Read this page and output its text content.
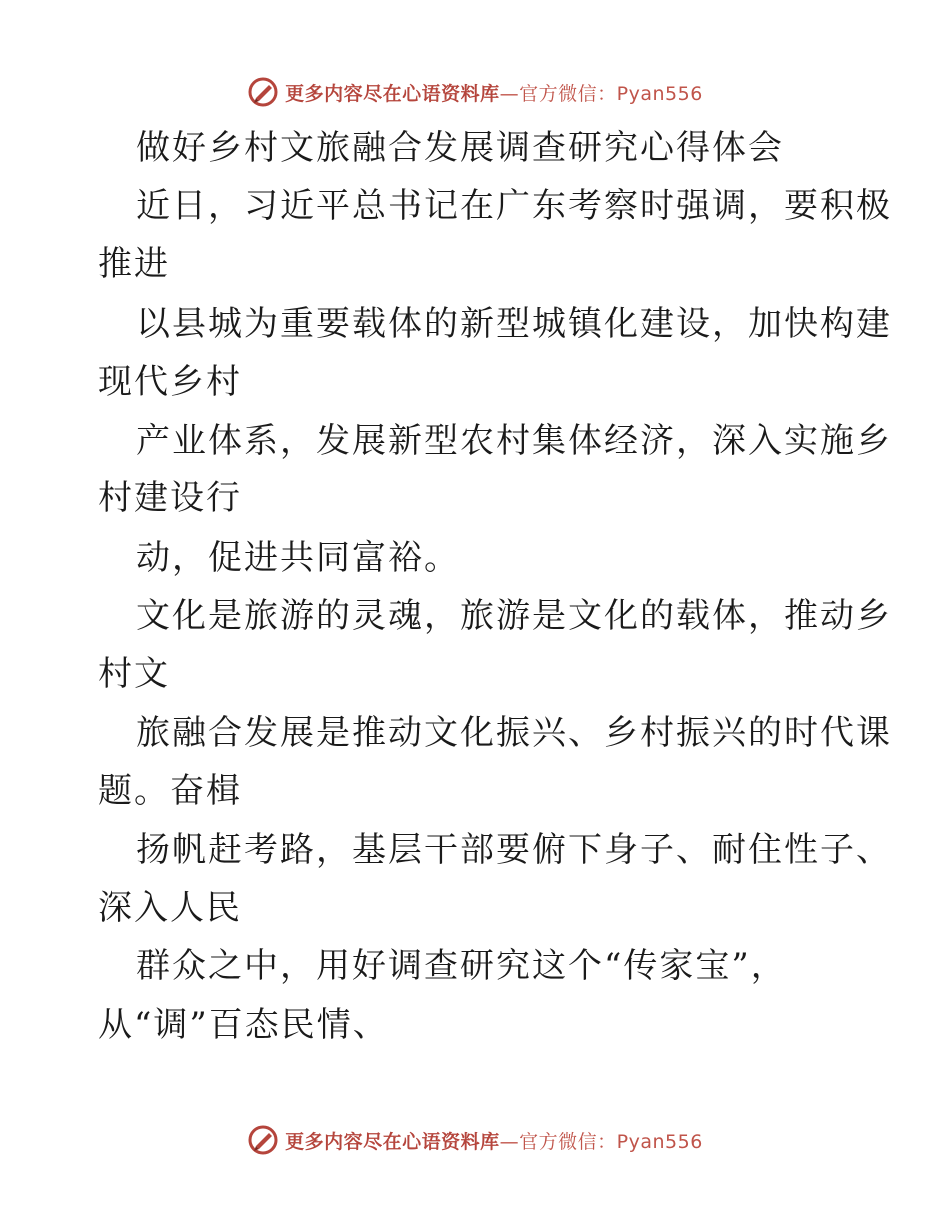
更多内容尽在心语资料库 —官方微信：Pyan556
做好乡村文旅融合发展调查研究心得体会
近日，习近平总书记在广东考察时强调，要积极
推进
以县城为重要载体的新型城镇化建设，加快构建
现代乡村
产业体系，发展新型农村集体经济，深入实施乡
村建设行
动，促进共同富裕。
文化是旅游的灵魂，旅游是文化的载体，推动乡
村文
旅融合发展是推动文化振兴、乡村振兴的时代课
题。奋楫
扬帆赶考路，基层干部要俯下身子、耐住性子、
深入人民
群众之中，用好调查研究这个“传家宝”，
从“调”百态民情、
更多内容尽在心语资料库 —官方微信：Pyan556
